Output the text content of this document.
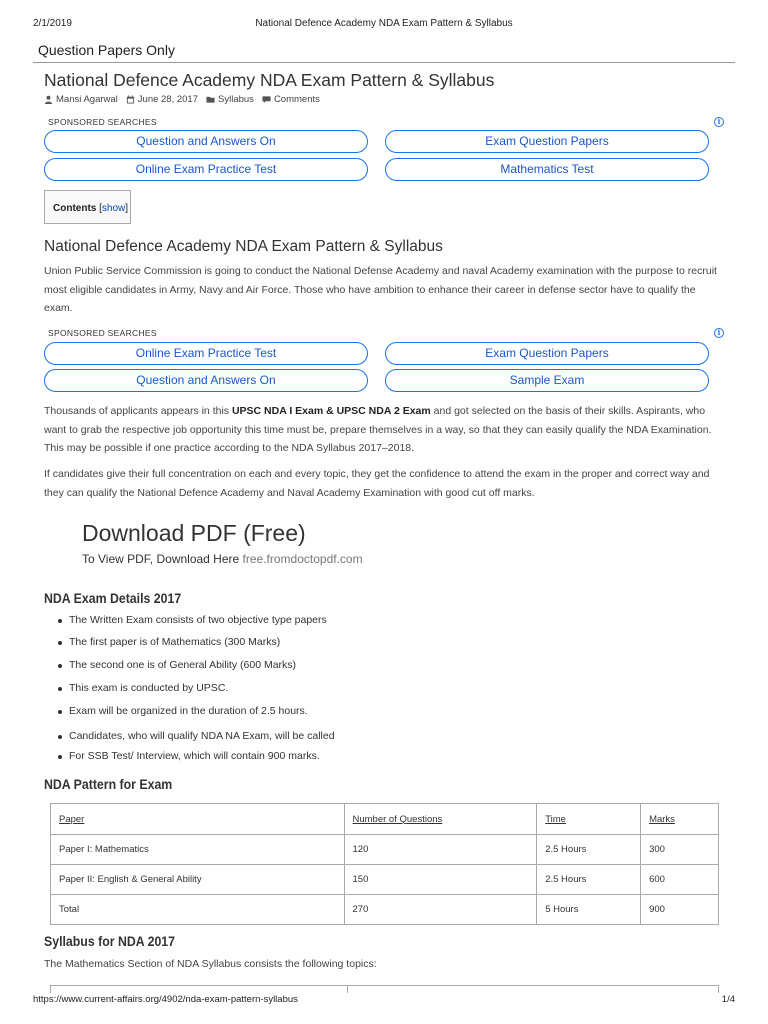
2/1/2019	National Defence Academy NDA Exam Pattern & Syllabus
Question Papers Only
National Defence Academy NDA Exam Pattern & Syllabus
Mansi Agarwal June 28, 2017 Syllabus Comments
SPONSORED SEARCHES	i
Question and Answers On	Exam Question Papers
Online Exam Practice Test	Mathematics Test
Contents [show]
National Defence Academy NDA Exam Pattern & Syllabus
Union Public Service Commission is going to conduct the National Defense Academy and naval Academy examination with the purpose to recruit most eligible candidates in Army, Navy and Air Force. Those who have ambition to enhance their career in defense sector have to qualify the exam.
SPONSORED SEARCHES	i
Online Exam Practice Test	Exam Question Papers
Question and Answers On	Sample Exam
Thousands of applicants appears in this UPSC NDA I Exam & UPSC NDA 2 Exam and got selected on the basis of their skills. Aspirants, who want to grab the respective job opportunity this time must be, prepare themselves in a way, so that they can easily qualify the NDA Examination. This may be possible if one practice according to the NDA Syllabus 2017–2018.
If candidates give their full concentration on each and every topic, they get the confidence to attend the exam in the proper and correct way and they can qualify the National Defence Academy and Naval Academy Examination with good cut off marks.
Download PDF (Free)
To View PDF, Download Here free.fromdoctopdf.com
NDA Exam Details 2017
The Written Exam consists of two objective type papers
The first paper is of Mathematics (300 Marks)
The second one is of General Ability (600 Marks)
This exam is conducted by UPSC.
Exam will be organized in the duration of 2.5 hours.
Candidates, who will qualify NDA NA Exam, will be called
For SSB Test/ Interview, which will contain 900 marks.
NDA Pattern for Exam
Paper	Number of Questions	Time	Marks
Paper I: Mathematics	120	2.5 Hours	300
Paper II: English & General Ability	150	2.5 Hours	600
Total	270	5 Hours	900
Syllabus for NDA 2017
The Mathematics Section of NDA Syllabus consists the following topics:
https://www.current-affairs.org/4902/nda-exam-pattern-syllabus	1/4
